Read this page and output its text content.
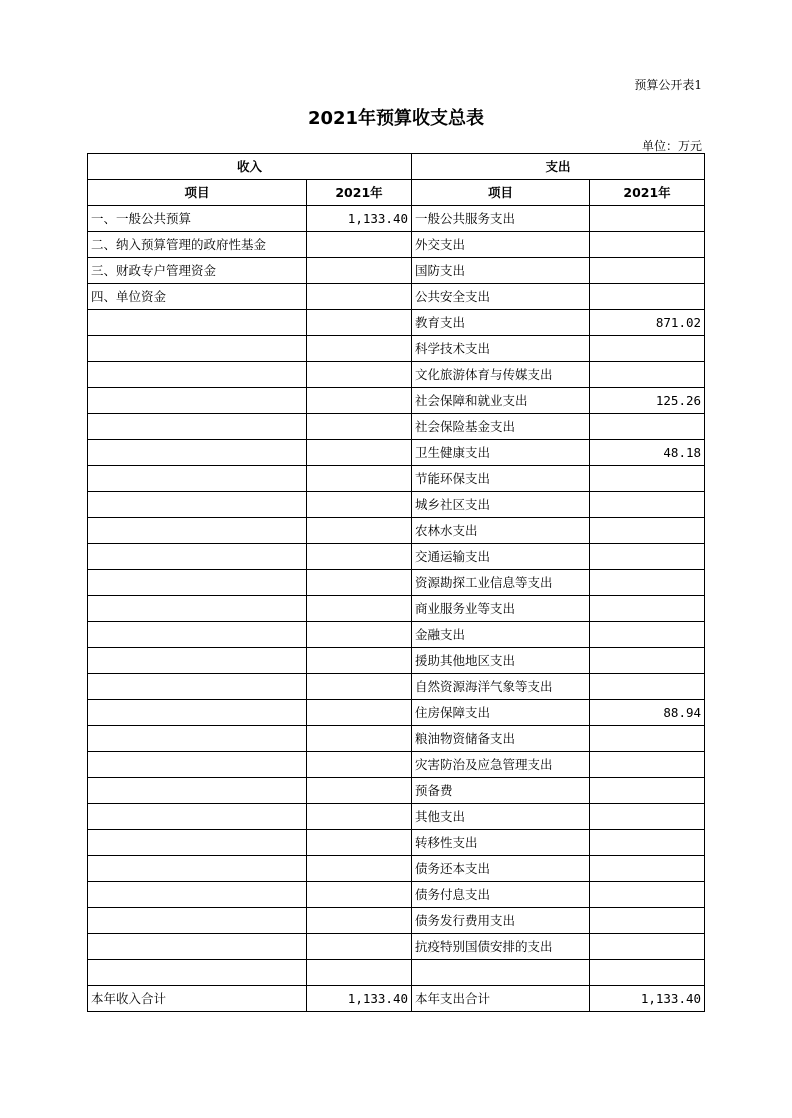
预算公开表1
2021年预算收支总表
单位：万元
收入		支出	
项目	2021年	项目	2021年
一、一般公共预算	1,133.40	一般公共服务支出	
二、纳入预算管理的政府性基金		外交支出	
三、财政专户管理资金		国防支出	
四、单位资金		公共安全支出	
		教育支出	871.02
		科学技术支出	
		文化旅游体育与传媒支出	
		社会保障和就业支出	125.26
		社会保险基金支出	
		卫生健康支出	48.18
		节能环保支出	
		城乡社区支出	
		农林水支出	
		交通运输支出	
		资源勘探工业信息等支出	
		商业服务业等支出	
		金融支出	
		援助其他地区支出	
		自然资源海洋气象等支出	
		住房保障支出	88.94
		粮油物资储备支出	
		灾害防治及应急管理支出	
		预备费	
		其他支出	
		转移性支出	
		债务还本支出	
		债务付息支出	
		债务发行费用支出	
		抗疫特别国债安排的支出	

本年收入合计	1,133.40	本年支出合计	1,133.40
